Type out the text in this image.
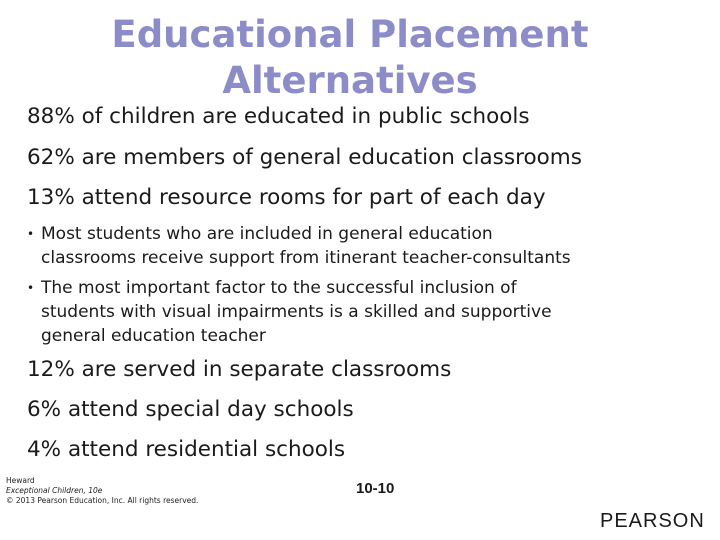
Educational Placement
Alternatives
88% of children are educated in public schools
62% are members of general education classrooms
13% attend resource rooms for part of each day
• Most students who are included in general education
classrooms receive support from itinerant teacher-consultants
• The most important factor to the successful inclusion of
students with visual impairments is a skilled and supportive
general education teacher
12% are served in separate classrooms
6% attend special day schools
4% attend residential schools
Heward
Exceptional Children, 10e
© 2013 Pearson Education, Inc. All rights reserved.
10-10
PEARSON
